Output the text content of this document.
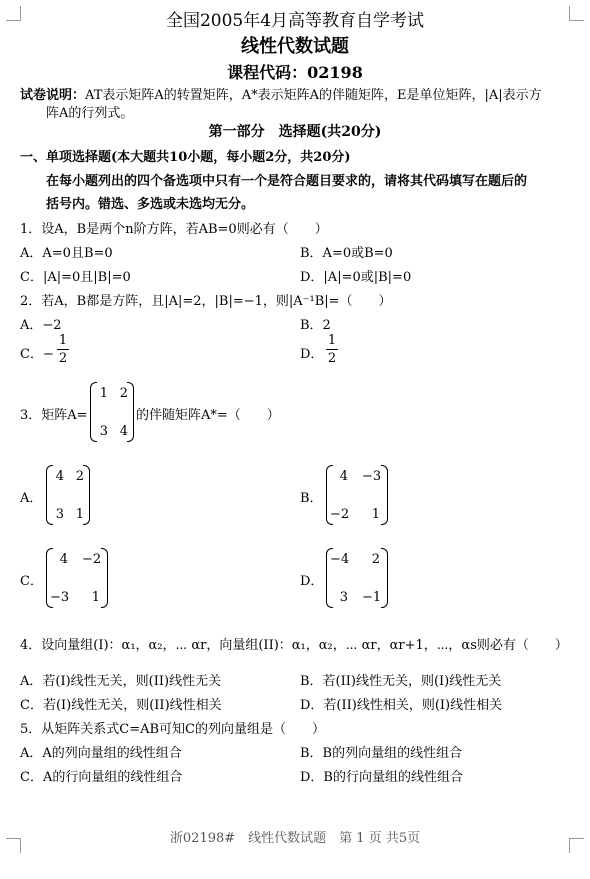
全国2005年4月高等教育自学考试
线性代数试题
课程代码：02198
试卷说明：AT表示矩阵A的转置矩阵，A*表示矩阵A的伴随矩阵，E是单位矩阵，|A|表示方
阵A的行列式。
第一部分　选择题(共20分)
一、单项选择题(本大题共10小题，每小题2分，共20分)
在每小题列出的四个备选项中只有一个是符合题目要求的，请将其代码填写在题后的
括号内。错选、多选或未选均无分。
1．设A，B是两个n阶方阵，若AB=0则必有（　　）
A．A=0且B=0	B．A=0或B=0
C．|A|=0且|B|=0	D．|A|=0或|B|=0
2．若A，B都是方阵，且|A|=2，|B|=−1，则|A⁻¹B|=（　　）
A．−2	B．2
C．−
1
2	D．
1
2
3．矩阵A=
1 2
3 4
的伴随矩阵A*=（　　）
A．
4 2
3 1
B．
4 −3
−2	1
C．
4 −2
−3	1
D．
−4	2
3 −1
4．设向量组(I)：α₁，α₂，⋯ αr，向量组(II)：α₁，α₂，⋯ αr，αr+1，⋯，αs则必有（　　）
A．若(I)线性无关，则(II)线性无关	B．若(II)线性无关，则(I)线性无关
C．若(I)线性无关，则(II)线性相关	D．若(II)线性相关，则(I)线性相关
5．从矩阵关系式C=AB可知C的列向量组是（　　）
A．A的列向量组的线性组合	B．B的列向量组的线性组合
C．A的行向量组的线性组合	D．B的行向量组的线性组合
浙02198#　线性代数试题　第 1 页 共5页
